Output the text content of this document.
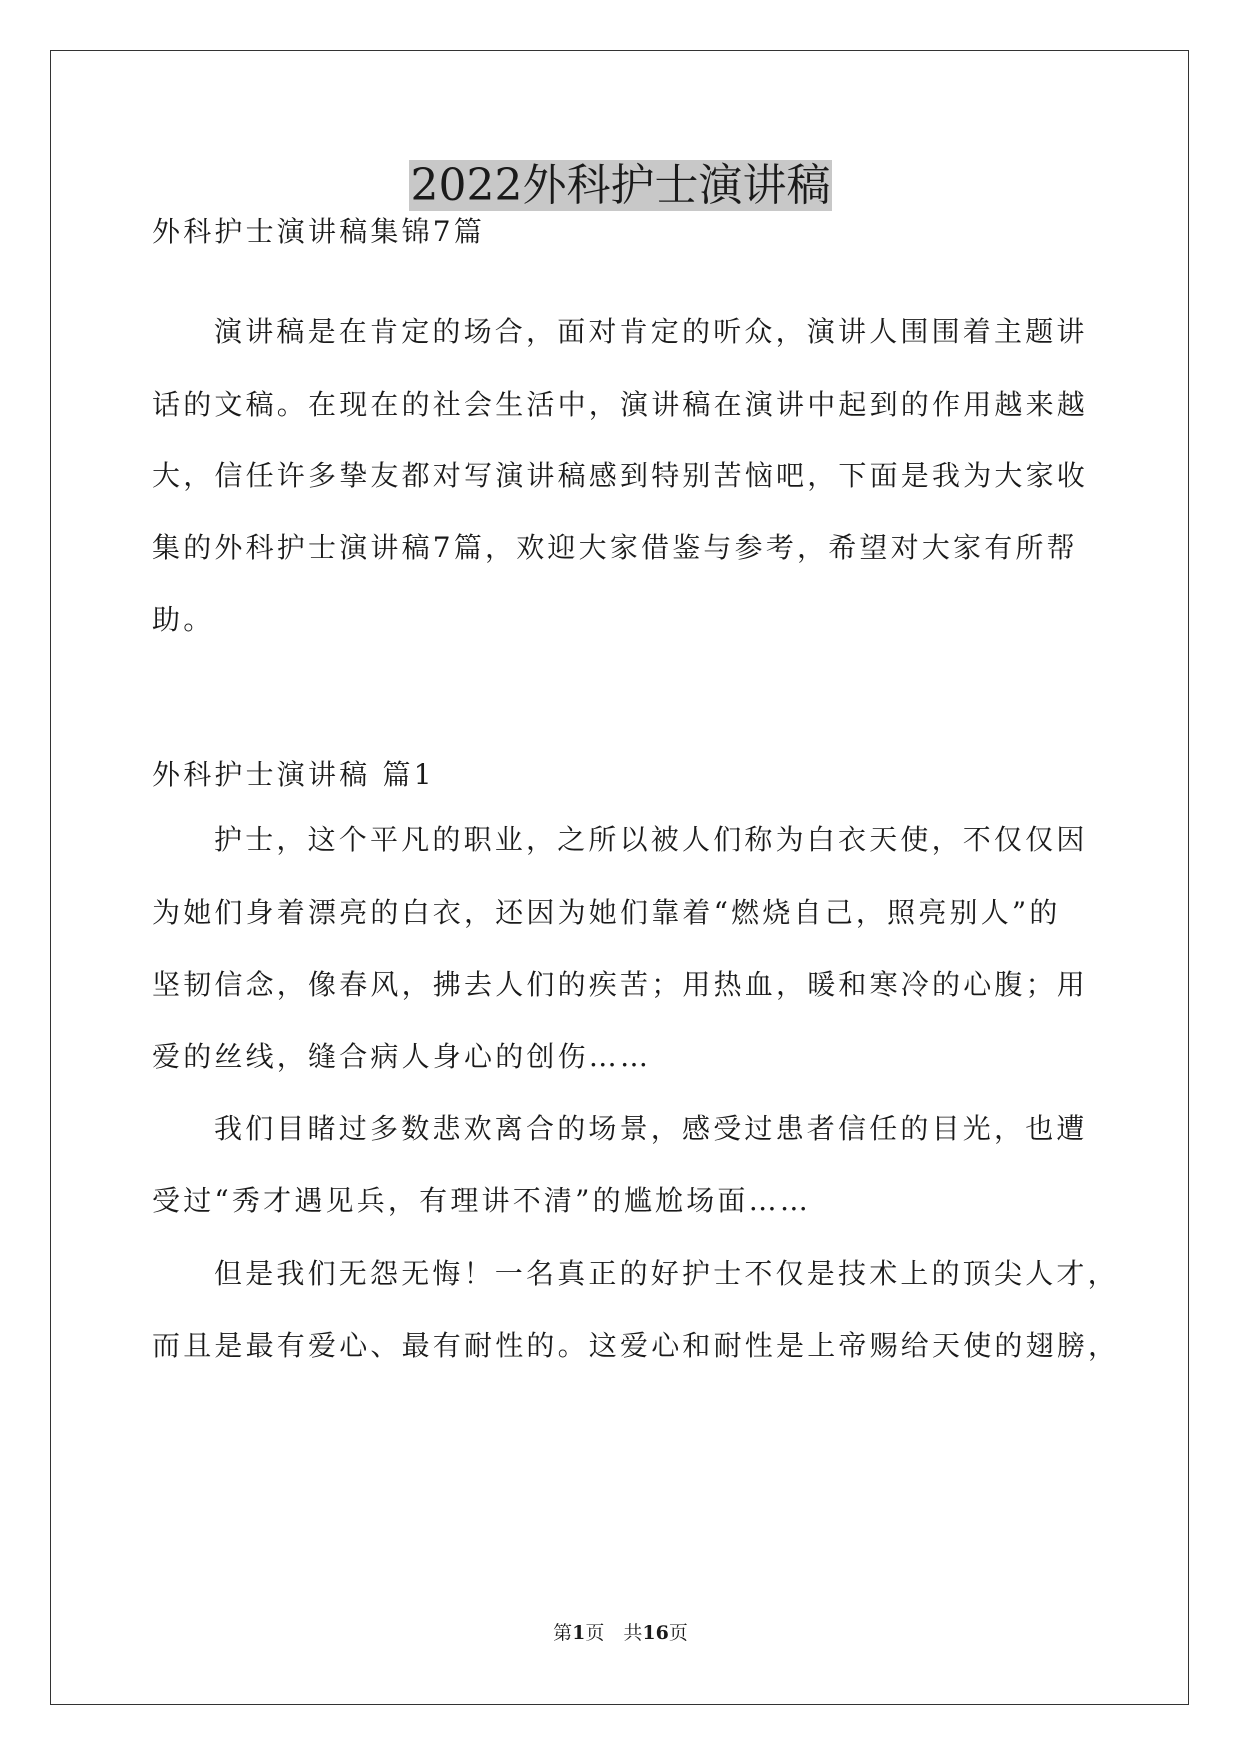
2022外科护士演讲稿
外科护士演讲稿集锦7篇
演讲稿是在肯定的场合，面对肯定的听众，演讲人围围着主题讲
话的文稿。在现在的社会生活中，演讲稿在演讲中起到的作用越来越
大，信任许多挚友都对写演讲稿感到特别苦恼吧，下面是我为大家收
集的外科护士演讲稿7篇，欢迎大家借鉴与参考，希望对大家有所帮
助。
外科护士演讲稿 篇1
护士，这个平凡的职业，之所以被人们称为白衣天使，不仅仅因
为她们身着漂亮的白衣，还因为她们靠着“燃烧自己，照亮别人”的
坚韧信念，像春风，拂去人们的疾苦；用热血，暖和寒冷的心腹；用
爱的丝线，缝合病人身心的创伤……
我们目睹过多数悲欢离合的场景，感受过患者信任的目光，也遭
受过“秀才遇见兵，有理讲不清”的尴尬场面……
但是我们无怨无悔！一名真正的好护士不仅是技术上的顶尖人才，
而且是最有爱心、最有耐性的。这爱心和耐性是上帝赐给天使的翅膀，
第1页　共16页
